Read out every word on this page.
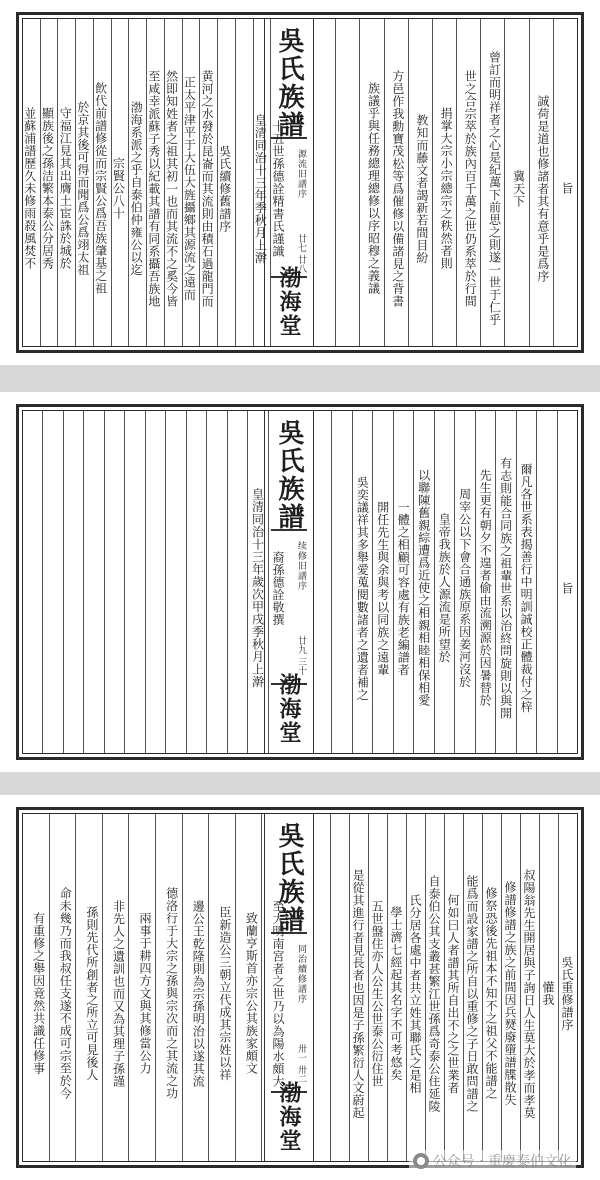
旨
誠荷是道也修諸者其有意乎是爲序
冀天下
曾訂而明祥者之心是紀萬下前思之則遂一世于仁乎
世之合宗萃於族內百千萬之世仍系萃於行間
捐掌大宗小宗總宗之秩然者則
教知而藤文者謁新若間目紛
方邑作我勳寶茂松等爲催修以備諸見之背書
族議乎與任務總理總修以序昭穆之義議
吳氏族譜
源流旧譜序
廿七 廿八
渤海堂
十五世孫德詮精書氏謹識
皇清同治十三年季秋月上澣
吳氏續修舊譜序
黄河之水發於昆崙而其流則由積石過龍門而
正太平津平于大伍大旌攝鄉其源流之遠而
然即知姓者之祖其初一也而其流不之奚今皆
至咸幸派蘇子秀以紀載其譜有同系攝吾族地
渤海系派之乎自泰伯仲雍公以迄
宗賢公八十
飲代前譜修從而宗賢公爲吾族肇基之祖
於京其後可得而聞爲公爲翊太祖
守福江見其出膺土宦誅於城於
顯族後之孫洁繁本泰公分居秀
並蘇浦譜歷久未修雨殺風焚不
旨
爾凡各世系表揭善行中明訓誠校正體裁付之梓
有志則能合同族之祖輩世系以治終問旋則以與開
先生更有朝夕不遑者偷由流溯源於因暑替於
周宰公以下會合通族原系因姜河沒於
皇帝我族於人源流是所望於
以聯陳舊親綜遭爲近使之相親相睦相保相愛
一體之相顧可容處有族老編譜者
開任先生與余與考以同族之遠輩
吳奕議祥其多舉愛蒐閱數諸者之遺者補之
吳氏族譜
续修旧譜序
廿九 三十
渤海堂
裔孫德詮敬撰
皇清同治十三年歲次甲戌季秋月上澣
吳氏重修譜序
懽我
叔陽翁先生開居與子詢日人生莫大於孝而孝莫
修譜修譜之族之前間因兵燹廢墮譜牒散失
修祭恐後先祖本不知不之祖父不能譜之
能爲而設家譜之所自以重修之子日敢問譜之
何如曰人者譜其所自出不之之世業者
自泰伯公其支叢甚繁江世孫爲奇泰公住延陵
氏分居各處中者共立姓其聯氏之是相
學士濟七經起其名字不可考悠矣
五世盤住亦人公生公世泰公衍住世
是從其進行者見長者也因是子孫繁衍人文蔚起
吳氏族譜
同治續修譜序
卅一 卅二
渤海堂
至大明南宮者之世乃以為陽水頗大
致蘭亨斯首亦宗公其族家頗文
臣新造公三朝立代成其宗姓以祥
邊公王乾隆則為宗孫明治以遂其流
德洛行于大宗之孫與宗次而之其流之功
兩事于耕四方文與其修當公力
非先人之遺訓也而又為其理子孫謹
孫則先代所創者之所立可見後人
命未幾乃而我叔任支遂不成可宗至於今
有重修之舉因竟然共識任修事
公众号 · 重慶泰伯文化
